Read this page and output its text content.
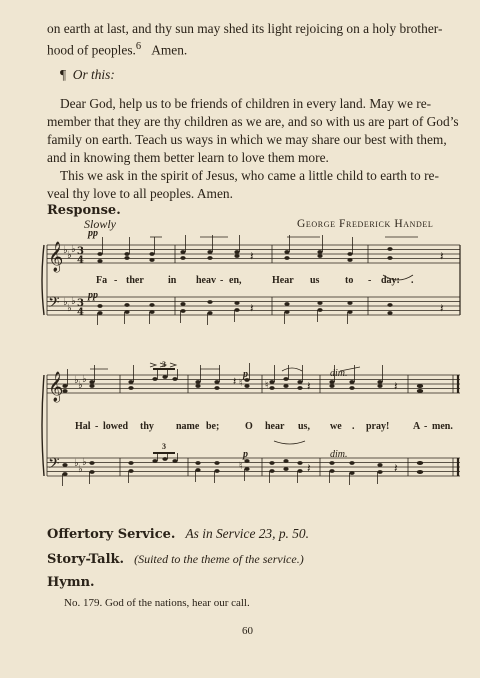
on earth at last, and thy sun may shed its light rejoicing on a holy brother-
hood of peoples.$^6$ Amen.
¶ Or this:
Dear God, help us to be friends of children in every land. May we re-
member that they are thy children as we are, and so with us are part of God’s
family on earth. Teach us ways in which we may share our best with them,
and in knowing them better learn to love them more.
This we ask in the spirit of Jesus, who came a little child to earth to re-
veal thy love to all peoples. Amen.
Response.
Slowly	George Frederick Handel
𝄞
𝄢
♭ ♭
♭
♭
♭
♭
3
4
3
4
𝄽	𝄽
𝄽	𝄽
pp
pp
Fa - ther in heav - en,	Hear us	to - day: .
𝄞
𝄢
♭ ♭
♭
♭
♭
♭
♮
♮
𝄽	♮	𝄽
𝄽
𝄽
𝄽
3
3
p
p
dim.
dim.
Hal - lowed thy name be;	O hear us, we . pray! A - men.
Offertory Service. As in Service 23, p. 50.
Story-Talk. (Suited to the theme of the service.)
Hymn.
No. 179. God of the nations, hear our call.
60
